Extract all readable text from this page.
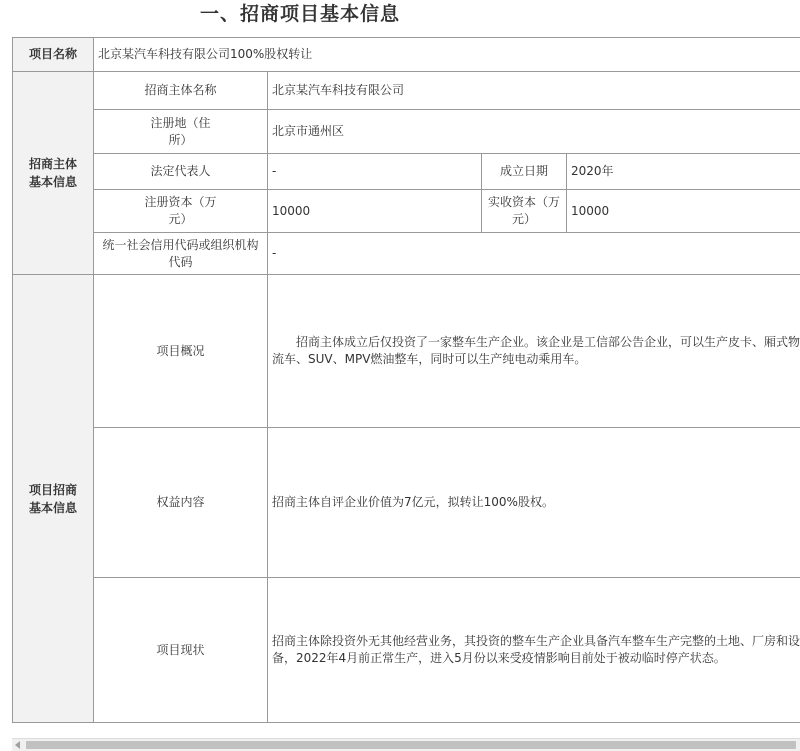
一、招商项目基本信息
项目名称	北京某汽车科技有限公司100%股权转让			

招商主体基本信息	招商主体名称	北京某汽车科技有限公司		

	注册地（住所）	北京市通州区		
	法定代表人	-	成立日期	2020年

	注册资本（万元）	10000	实收资本（万元）	10000
	统一社会信用代码或组织机构代码	-		

项目招商基本信息	项目概况	招商主体成立后仅投资了一家整车生产企业。该企业是工信部公告企业，可以生产皮卡、厢式物流车、SUV、MPV燃油整车，同时可以生产纯电动乘用车。		

	权益内容	招商主体自评企业价值为7亿元，拟转让100%股权。		
	项目现状	招商主体除投资外无其他经营业务，其投资的整车生产企业具备汽车整车生产完整的土地、厂房和设备，2022年4月前正常生产，进入5月份以来受疫情影响目前处于被动临时停产状态。		
